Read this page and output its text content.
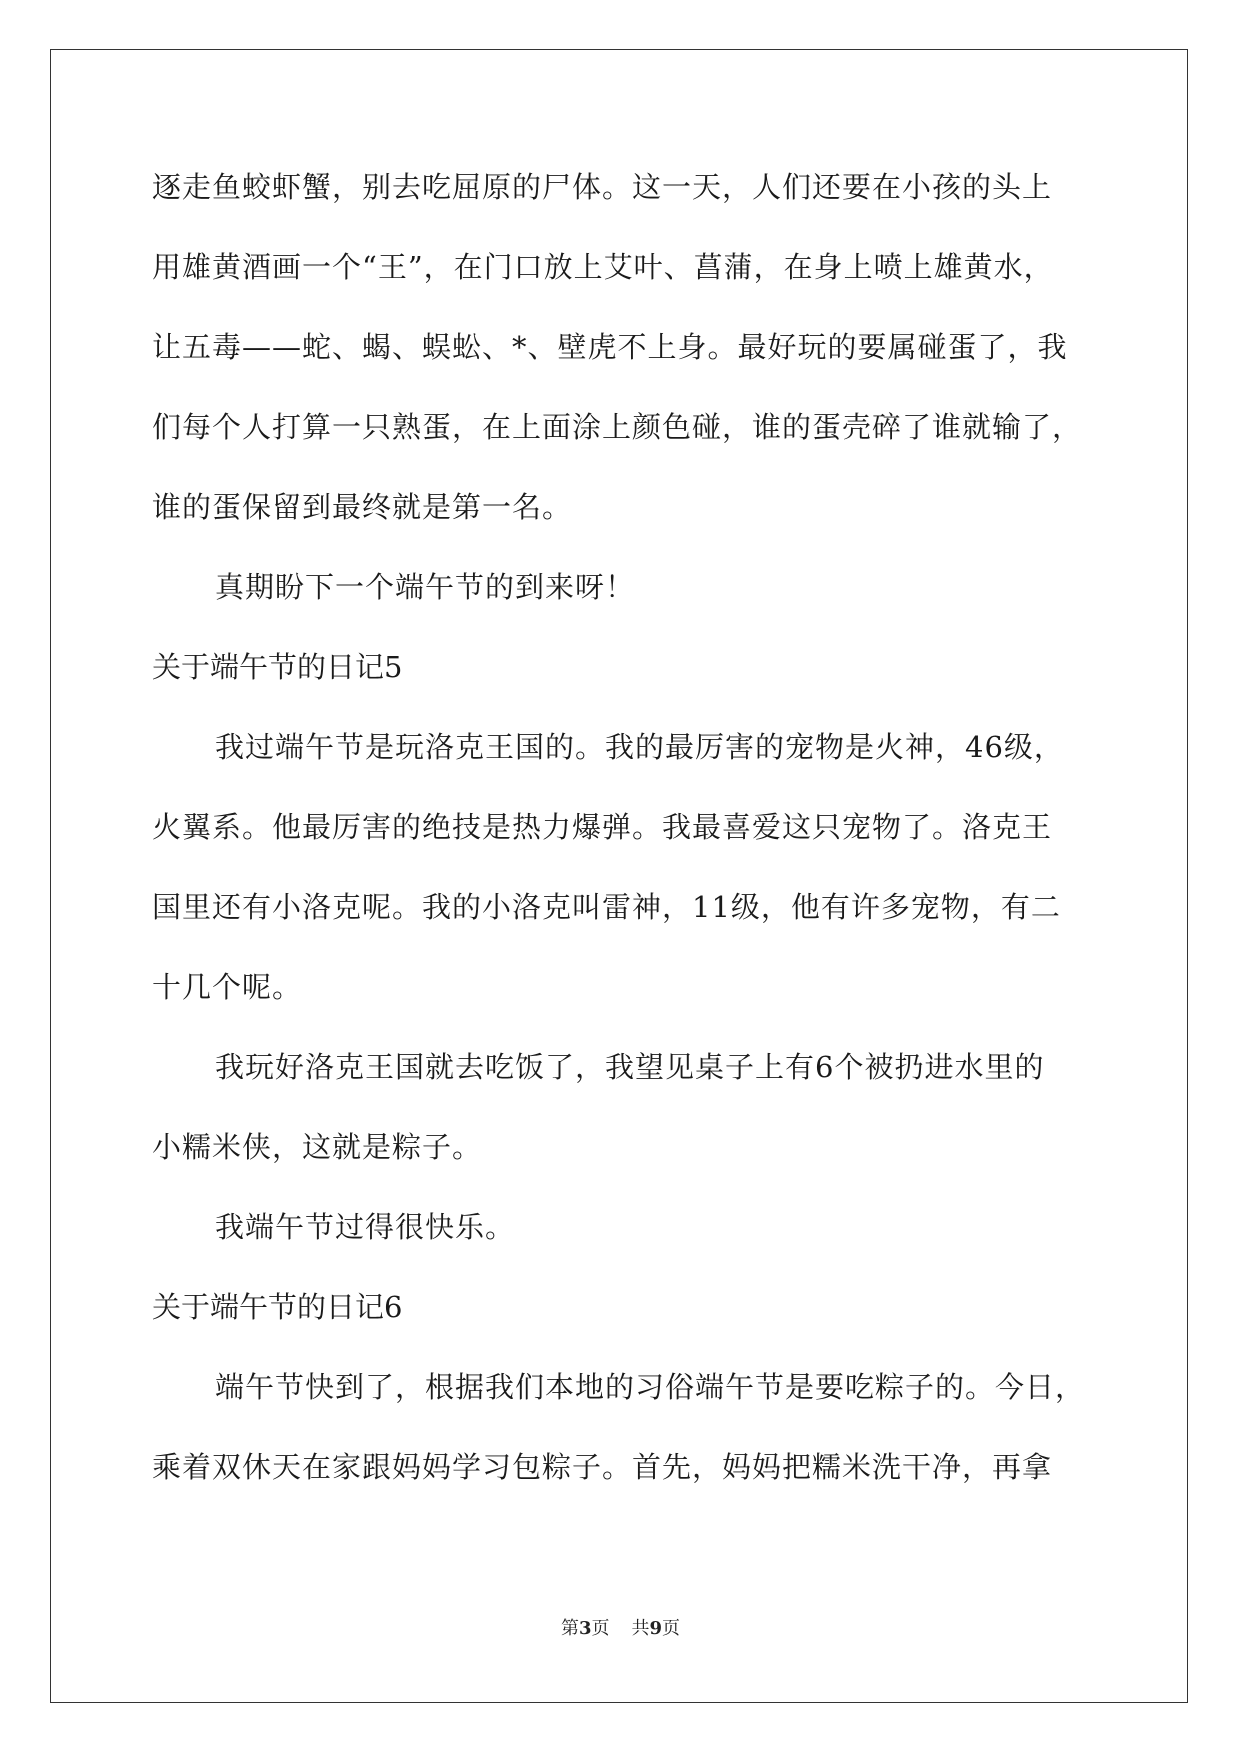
逐走鱼蛟虾蟹，别去吃屈原的尸体。这一天，人们还要在小孩的头上
用雄黄酒画一个“王”，在门口放上艾叶、菖蒲，在身上喷上雄黄水，
让五毒——蛇、蝎、蜈蚣、*、壁虎不上身。最好玩的要属碰蛋了，我
们每个人打算一只熟蛋，在上面涂上颜色碰，谁的蛋壳碎了谁就输了，
谁的蛋保留到最终就是第一名。
真期盼下一个端午节的到来呀！
关于端午节的日记5
我过端午节是玩洛克王国的。我的最厉害的宠物是火神，46级，
火翼系。他最厉害的绝技是热力爆弹。我最喜爱这只宠物了。洛克王
国里还有小洛克呢。我的小洛克叫雷神，11级，他有许多宠物，有二
十几个呢。
我玩好洛克王国就去吃饭了，我望见桌子上有6个被扔进水里的
小糯米侠，这就是粽子。
我端午节过得很快乐。
关于端午节的日记6
端午节快到了，根据我们本地的习俗端午节是要吃粽子的。今日，
乘着双休天在家跟妈妈学习包粽子。首先，妈妈把糯米洗干净，再拿
第3页 共9页
